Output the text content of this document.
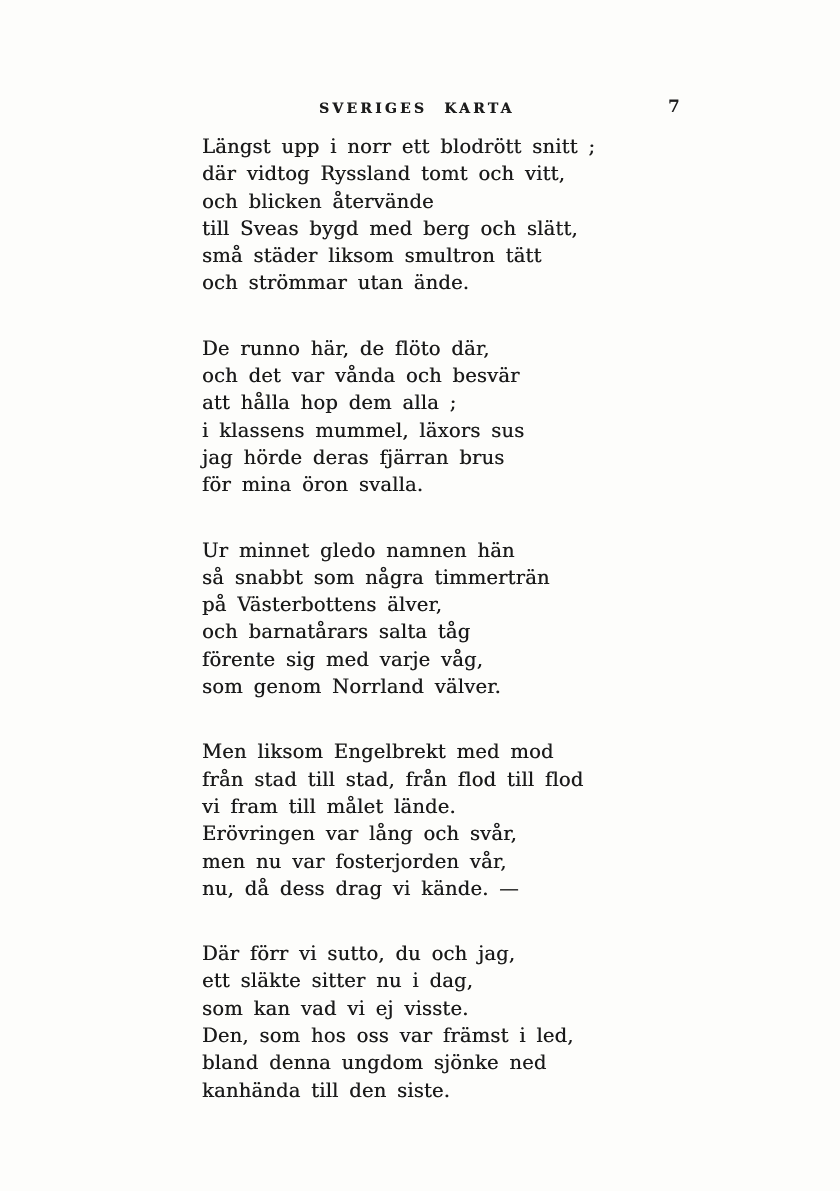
SVERIGES KARTA	7
Längst upp i norr ett blodrött snitt ;
där vidtog Ryssland tomt och vitt,
och blicken återvände
till Sveas bygd med berg och slätt,
små städer liksom smultron tätt
och strömmar utan ände.
De runno här, de flöto där,
och det var vånda och besvär
att hålla hop dem alla ;
i klassens mummel, läxors sus
jag hörde deras fjärran brus
för mina öron svalla.
Ur minnet gledo namnen hän
så snabbt som några timmerträn
på Västerbottens älver,
och barnatårars salta tåg
förente sig med varje våg,
som genom Norrland välver.
Men liksom Engelbrekt med mod
från stad till stad, från flod till flod
vi fram till målet lände.
Erövringen var lång och svår,
men nu var fosterjorden vår,
nu, då dess drag vi kände. —
Där förr vi sutto, du och jag,
ett släkte sitter nu i dag,
som kan vad vi ej visste.
Den, som hos oss var främst i led,
bland denna ungdom sjönke ned
kanhända till den siste.
